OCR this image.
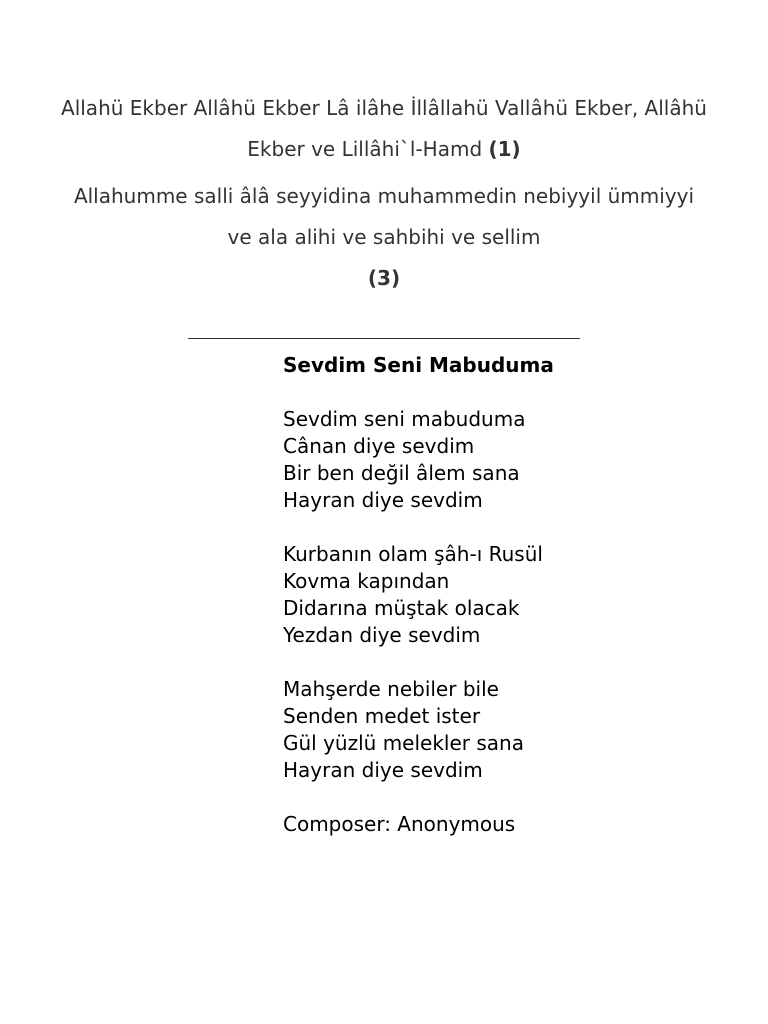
Allahü Ekber Allâhü Ekber Lâ ilâhe İllâllahü Vallâhü Ekber, Allâhü Ekber ve Lillâhi`l-Hamd (1)
Allahumme salli âlâ seyyidina muhammedin nebiyyil ümmiyyi ve ala alihi ve sahbihi ve sellim
(3)
Sevdim Seni Mabuduma
Sevdim seni mabuduma
Cânan diye sevdim
Bir ben değil âlem sana
Hayran diye sevdim
Kurbanın olam şâh-ı Rusül
Kovma kapından
Didarına müştak olacak
Yezdan diye sevdim
Mahşerde nebiler bile
Senden medet ister
Gül yüzlü melekler sana
Hayran diye sevdim
Composer: Anonymous
